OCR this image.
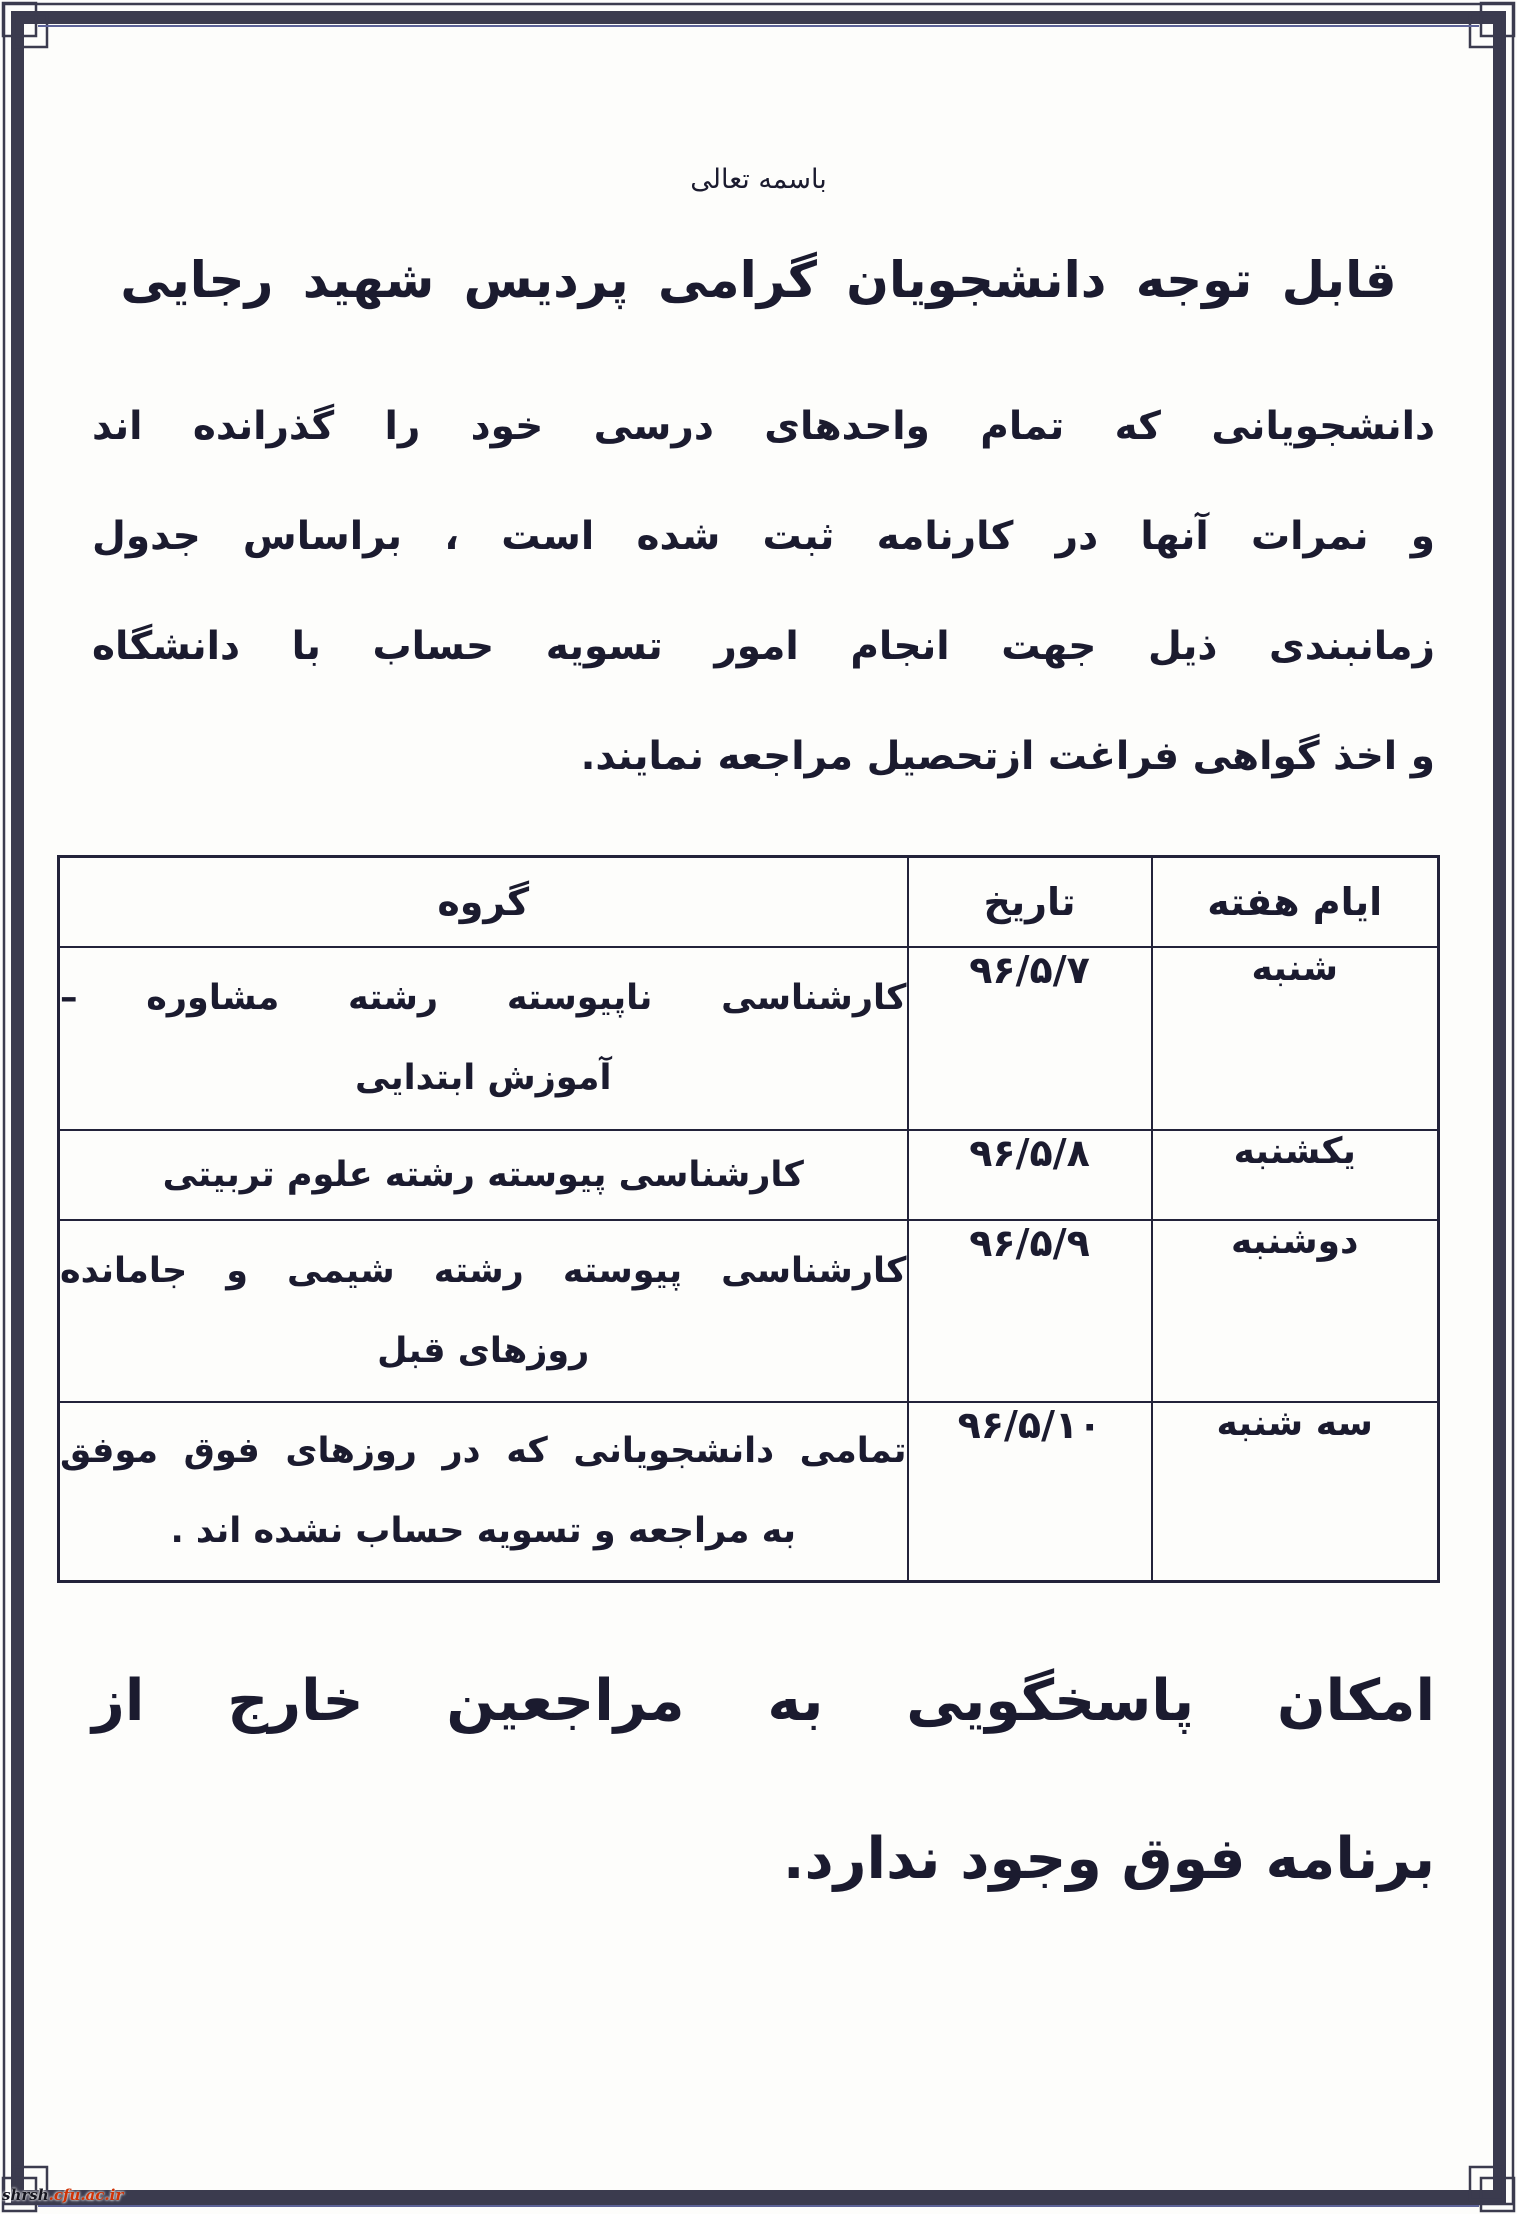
باسمه تعالی
قابل توجه دانشجویان گرامی پردیس شهید رجایی
دانشجویانی که تمام واحدهای درسی خود را گذرانده اند
و نمرات آنها در کارنامه ثبت شده است ، براساس جدول
زمانبندی ذیل جهت انجام امور تسویه حساب با دانشگاه
و اخذ گواهی فراغت ازتحصیل مراجعه نمایند.
ایام هفته	تاریخ	گروه
شنبه	۹۶/۵/۷	کارشناسی ناپیوسته رشته مشاوره –
آموزش ابتدایی

یکشنبه	۹۶/۵/۸	کارشناسی پیوسته رشته علوم تربیتی

دوشنبه	۹۶/۵/۹	کارشناسی پیوسته رشته شیمی و جامانده
روزهای قبل

سه شنبه	۹۶/۵/۱۰	تمامی دانشجویانی که در روزهای فوق موفق
به مراجعه و تسویه حساب نشده اند .
امکان پاسخگویی به مراجعین خارج از
برنامه فوق وجود ندارد.
shrsh.cfu.ac.ir
